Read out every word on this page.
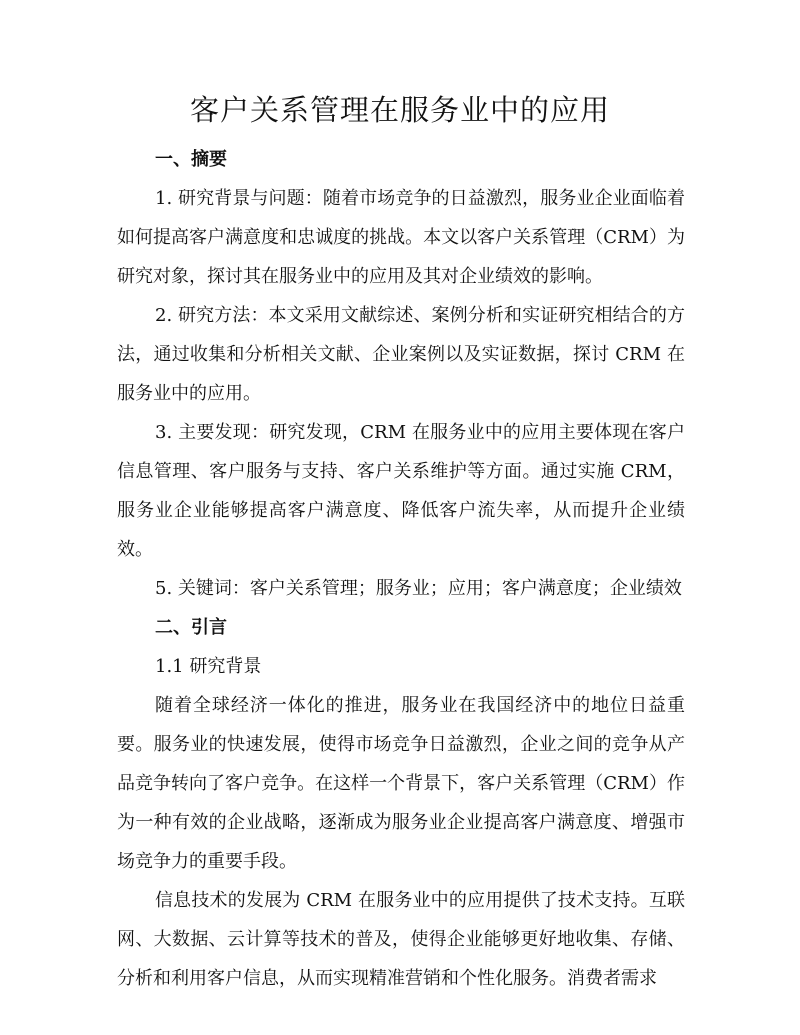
客户关系管理在服务业中的应用

一、摘要

1. 研究背景与问题：随着市场竞争的日益激烈，服务业企业面临着如何提高客户满意度和忠诚度的挑战。本文以客户关系管理（CRM）为研究对象，探讨其在服务业中的应用及其对企业绩效的影响。

2. 研究方法：本文采用文献综述、案例分析和实证研究相结合的方法，通过收集和分析相关文献、企业案例以及实证数据，探讨 CRM 在服务业中的应用。

3. 主要发现：研究发现，CRM 在服务业中的应用主要体现在客户信息管理、客户服务与支持、客户关系维护等方面。通过实施 CRM，服务业企业能够提高客户满意度、降低客户流失率，从而提升企业绩效。

5. 关键词：客户关系管理；服务业；应用；客户满意度；企业绩效

二、引言

1.1 研究背景

随着全球经济一体化的推进，服务业在我国经济中的地位日益重要。服务业的快速发展，使得市场竞争日益激烈，企业之间的竞争从产品竞争转向了客户竞争。在这样一个背景下，客户关系管理（CRM）作为一种有效的企业战略，逐渐成为服务业企业提高客户满意度、增强市场竞争力的重要手段。

信息技术的发展为 CRM 在服务业中的应用提供了技术支持。互联网、大数据、云计算等技术的普及，使得企业能够更好地收集、存储、分析和利用客户信息，从而实现精准营销和个性化服务。消费者需求
